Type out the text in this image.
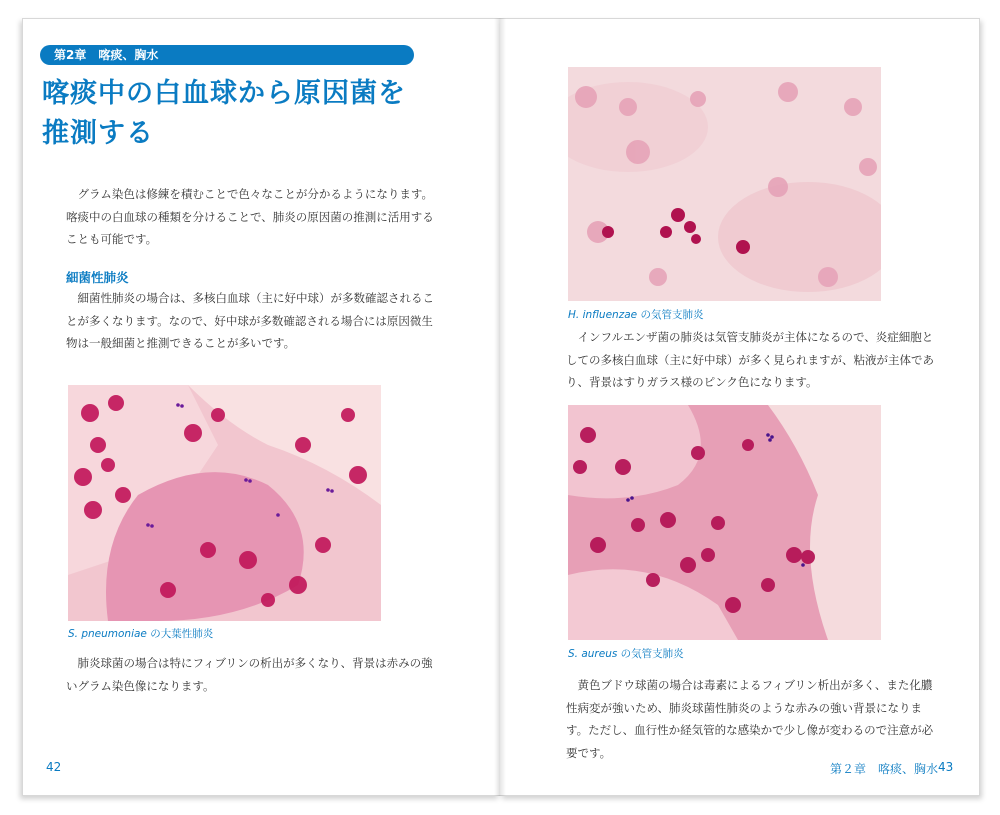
第2章　喀痰、胸水
喀痰中の白血球から原因菌を
推測する
グラム染色は修練を積むことで色々なことが分かるようになります。喀痰中の白血球の種類を分けることで、肺炎の原因菌の推測に活用することも可能です。
細菌性肺炎
細菌性肺炎の場合は、多核白血球（主に好中球）が多数確認されることが多くなります。なので、好中球が多数確認される場合には原因微生物は一般細菌と推測できることが多いです。
S. pneumoniae の大葉性肺炎
肺炎球菌の場合は特にフィブリンの析出が多くなり、背景は赤みの強いグラム染色像になります。
42
H. influenzae の気管支肺炎
インフルエンザ菌の肺炎は気管支肺炎が主体になるので、炎症細胞としての多核白血球（主に好中球）が多く見られますが、粘液が主体であり、背景はすりガラス様のピンク色になります。
S. aureus の気管支肺炎
黄色ブドウ球菌の場合は毒素によるフィブリン析出が多く、また化膿性病変が強いため、肺炎球菌性肺炎のような赤みの強い背景になります。ただし、血行性か経気管的な感染かで少し像が変わるので注意が必要です。
第２章　喀痰、胸水 43
